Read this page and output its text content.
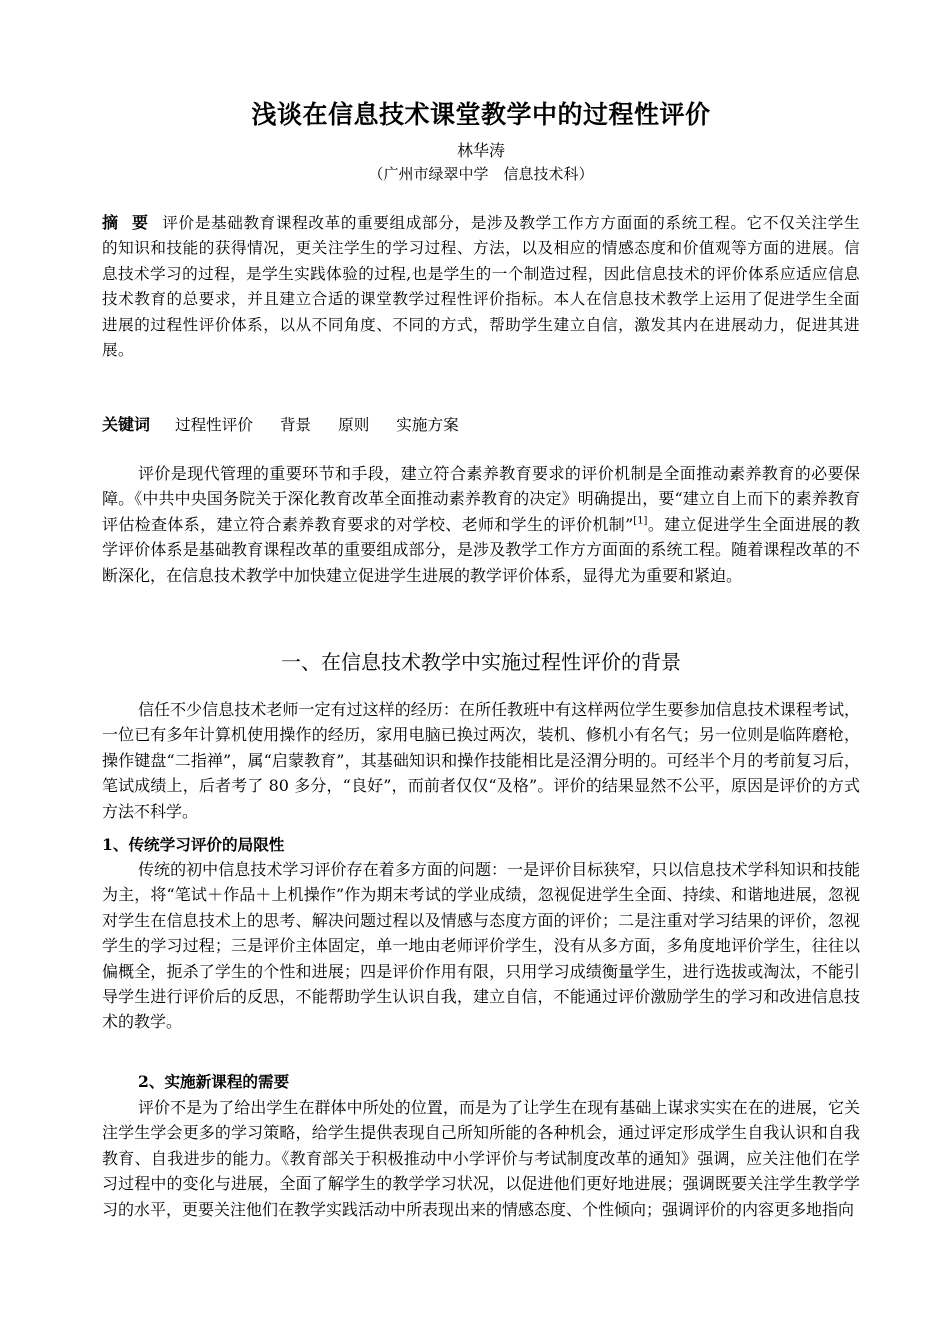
浅谈在信息技术课堂教学中的过程性评价
林华涛
（广州市绿翠中学　信息技术科）
摘 要 评价是基础教育课程改革的重要组成部分，是涉及教学工作方方面面的系统工程。它不仅关注学生的知识和技能的获得情况，更关注学生的学习过程、方法，以及相应的情感态度和价值观等方面的进展。信息技术学习的过程，是学生实践体验的过程,也是学生的一个制造过程，因此信息技术的评价体系应适应信息技术教育的总要求，并且建立合适的课堂教学过程性评价指标。本人在信息技术教学上运用了促进学生全面进展的过程性评价体系，以从不同角度、不同的方式，帮助学生建立自信，激发其内在进展动力，促进其进展。
关键词 过程性评价 背景 原则 实施方案
评价是现代管理的重要环节和手段，建立符合素养教育要求的评价机制是全面推动素养教育的必要保障。《中共中央国务院关于深化教育改革全面推动素养教育的决定》明确提出，要“建立自上而下的素养教育评估检查体系，建立符合素养教育要求的对学校、老师和学生的评价机制”[1]。建立促进学生全面进展的教学评价体系是基础教育课程改革的重要组成部分，是涉及教学工作方方面面的系统工程。随着课程改革的不断深化，在信息技术教学中加快建立促进学生进展的教学评价体系，显得尤为重要和紧迫。
一、在信息技术教学中实施过程性评价的背景
信任不少信息技术老师一定有过这样的经历：在所任教班中有这样两位学生要参加信息技术课程考试，一位已有多年计算机使用操作的经历，家用电脑已换过两次，装机、修机小有名气；另一位则是临阵磨枪，操作键盘“二指禅”，属“启蒙教育”，其基础知识和操作技能相比是泾渭分明的。可经半个月的考前复习后，笔试成绩上，后者考了 80 多分，“良好”，而前者仅仅“及格”。评价的结果显然不公平，原因是评价的方式方法不科学。
1、传统学习评价的局限性
传统的初中信息技术学习评价存在着多方面的问题：一是评价目标狭窄，只以信息技术学科知识和技能为主，将“笔试＋作品＋上机操作”作为期末考试的学业成绩，忽视促进学生全面、持续、和谐地进展，忽视对学生在信息技术上的思考、解决问题过程以及情感与态度方面的评价；二是注重对学习结果的评价，忽视学生的学习过程；三是评价主体固定，单一地由老师评价学生，没有从多方面，多角度地评价学生，往往以偏概全，扼杀了学生的个性和进展；四是评价作用有限，只用学习成绩衡量学生，进行选拔或淘汰，不能引导学生进行评价后的反思，不能帮助学生认识自我，建立自信，不能通过评价激励学生的学习和改进信息技术的教学。
2、实施新课程的需要
评价不是为了给出学生在群体中所处的位置，而是为了让学生在现有基础上谋求实实在在的进展，它关注学生学会更多的学习策略，给学生提供表现自己所知所能的各种机会，通过评定形成学生自我认识和自我教育、自我进步的能力。《教育部关于积极推动中小学评价与考试制度改革的通知》强调，应关注他们在学习过程中的变化与进展，全面了解学生的教学学习状况，以促进他们更好地进展；强调既要关注学生教学学习的水平，更要关注他们在教学实践活动中所表现出来的情感态度、个性倾向；强调评价的内容更多地指向
